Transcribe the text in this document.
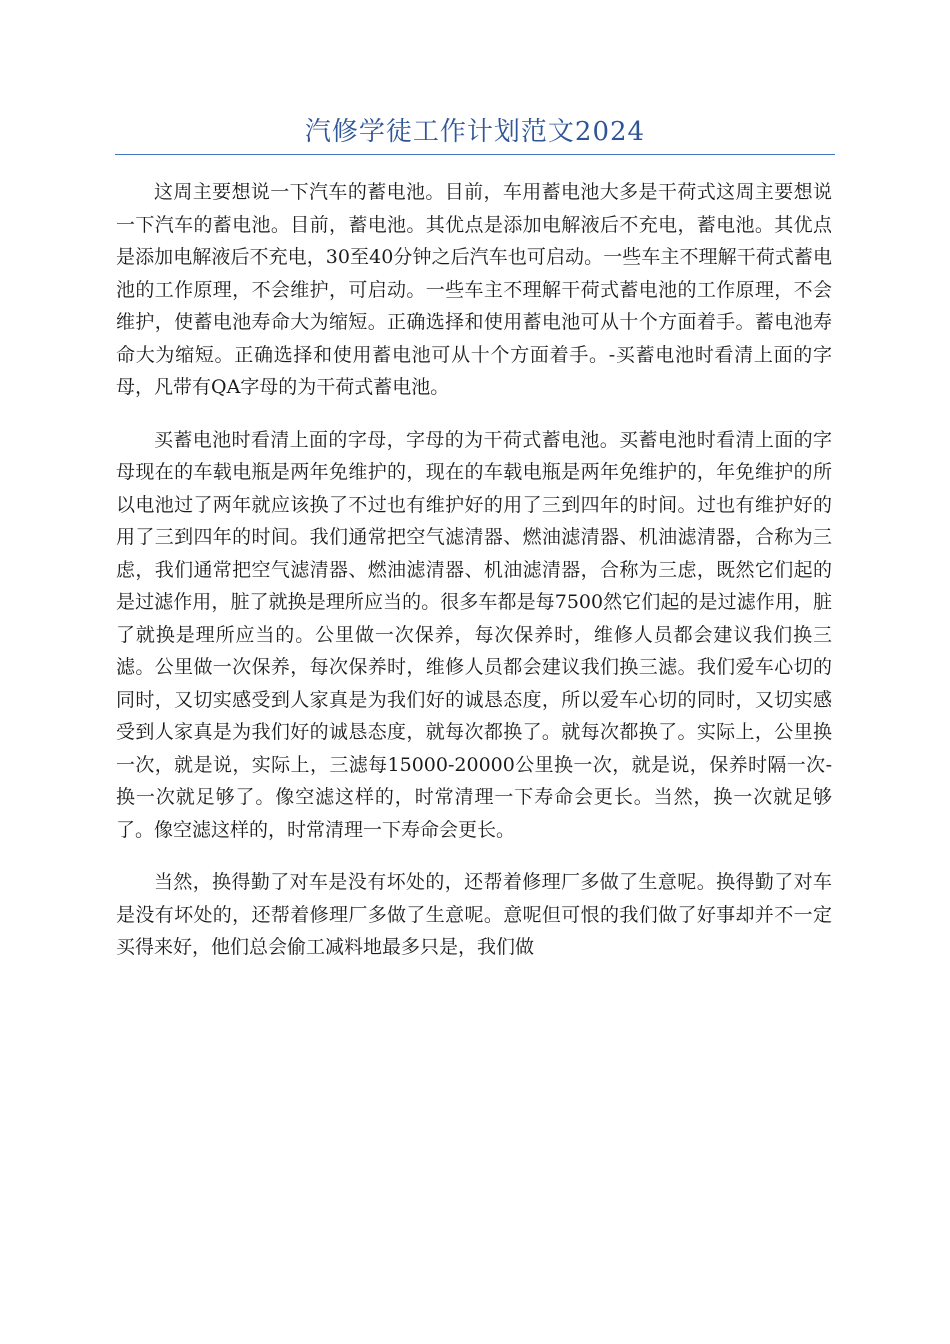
汽修学徒工作计划范文2024

这周主要想说一下汽车的蓄电池。目前，车用蓄电池大多是干荷式这周主要想说一下汽车的蓄电池。目前，蓄电池。其优点是添加电解液后不充电，蓄电池。其优点是添加电解液后不充电，30至40分钟之后汽车也可启动。一些车主不理解干荷式蓄电池的工作原理，不会维护，可启动。一些车主不理解干荷式蓄电池的工作原理，不会维护，使蓄电池寿命大为缩短。正确选择和使用蓄电池可从十个方面着手。蓄电池寿命大为缩短。正确选择和使用蓄电池可从十个方面着手。-买蓄电池时看清上面的字母，凡带有QA字母的为干荷式蓄电池。

买蓄电池时看清上面的字母，字母的为干荷式蓄电池。买蓄电池时看清上面的字母现在的车载电瓶是两年免维护的，现在的车载电瓶是两年免维护的，年免维护的所以电池过了两年就应该换了不过也有维护好的用了三到四年的时间。过也有维护好的用了三到四年的时间。我们通常把空气滤清器、燃油滤清器、机油滤清器，合称为三虑，我们通常把空气滤清器、燃油滤清器、机油滤清器，合称为三虑，既然它们起的是过滤作用，脏了就换是理所应当的。很多车都是每7500然它们起的是过滤作用，脏了就换是理所应当的。公里做一次保养，每次保养时，维修人员都会建议我们换三滤。公里做一次保养，每次保养时，维修人员都会建议我们换三滤。我们爱车心切的同时，又切实感受到人家真是为我们好的诚恳态度，所以爱车心切的同时，又切实感受到人家真是为我们好的诚恳态度，就每次都换了。就每次都换了。实际上，公里换一次，就是说，实际上，三滤每15000-20000公里换一次，就是说，保养时隔一次-换一次就足够了。像空滤这样的，时常清理一下寿命会更长。当然，换一次就足够了。像空滤这样的，时常清理一下寿命会更长。

当然，换得勤了对车是没有坏处的，还帮着修理厂多做了生意呢。换得勤了对车是没有坏处的，还帮着修理厂多做了生意呢。意呢但可恨的我们做了好事却并不一定买得来好，他们总会偷工减料地最多只是，我们做
